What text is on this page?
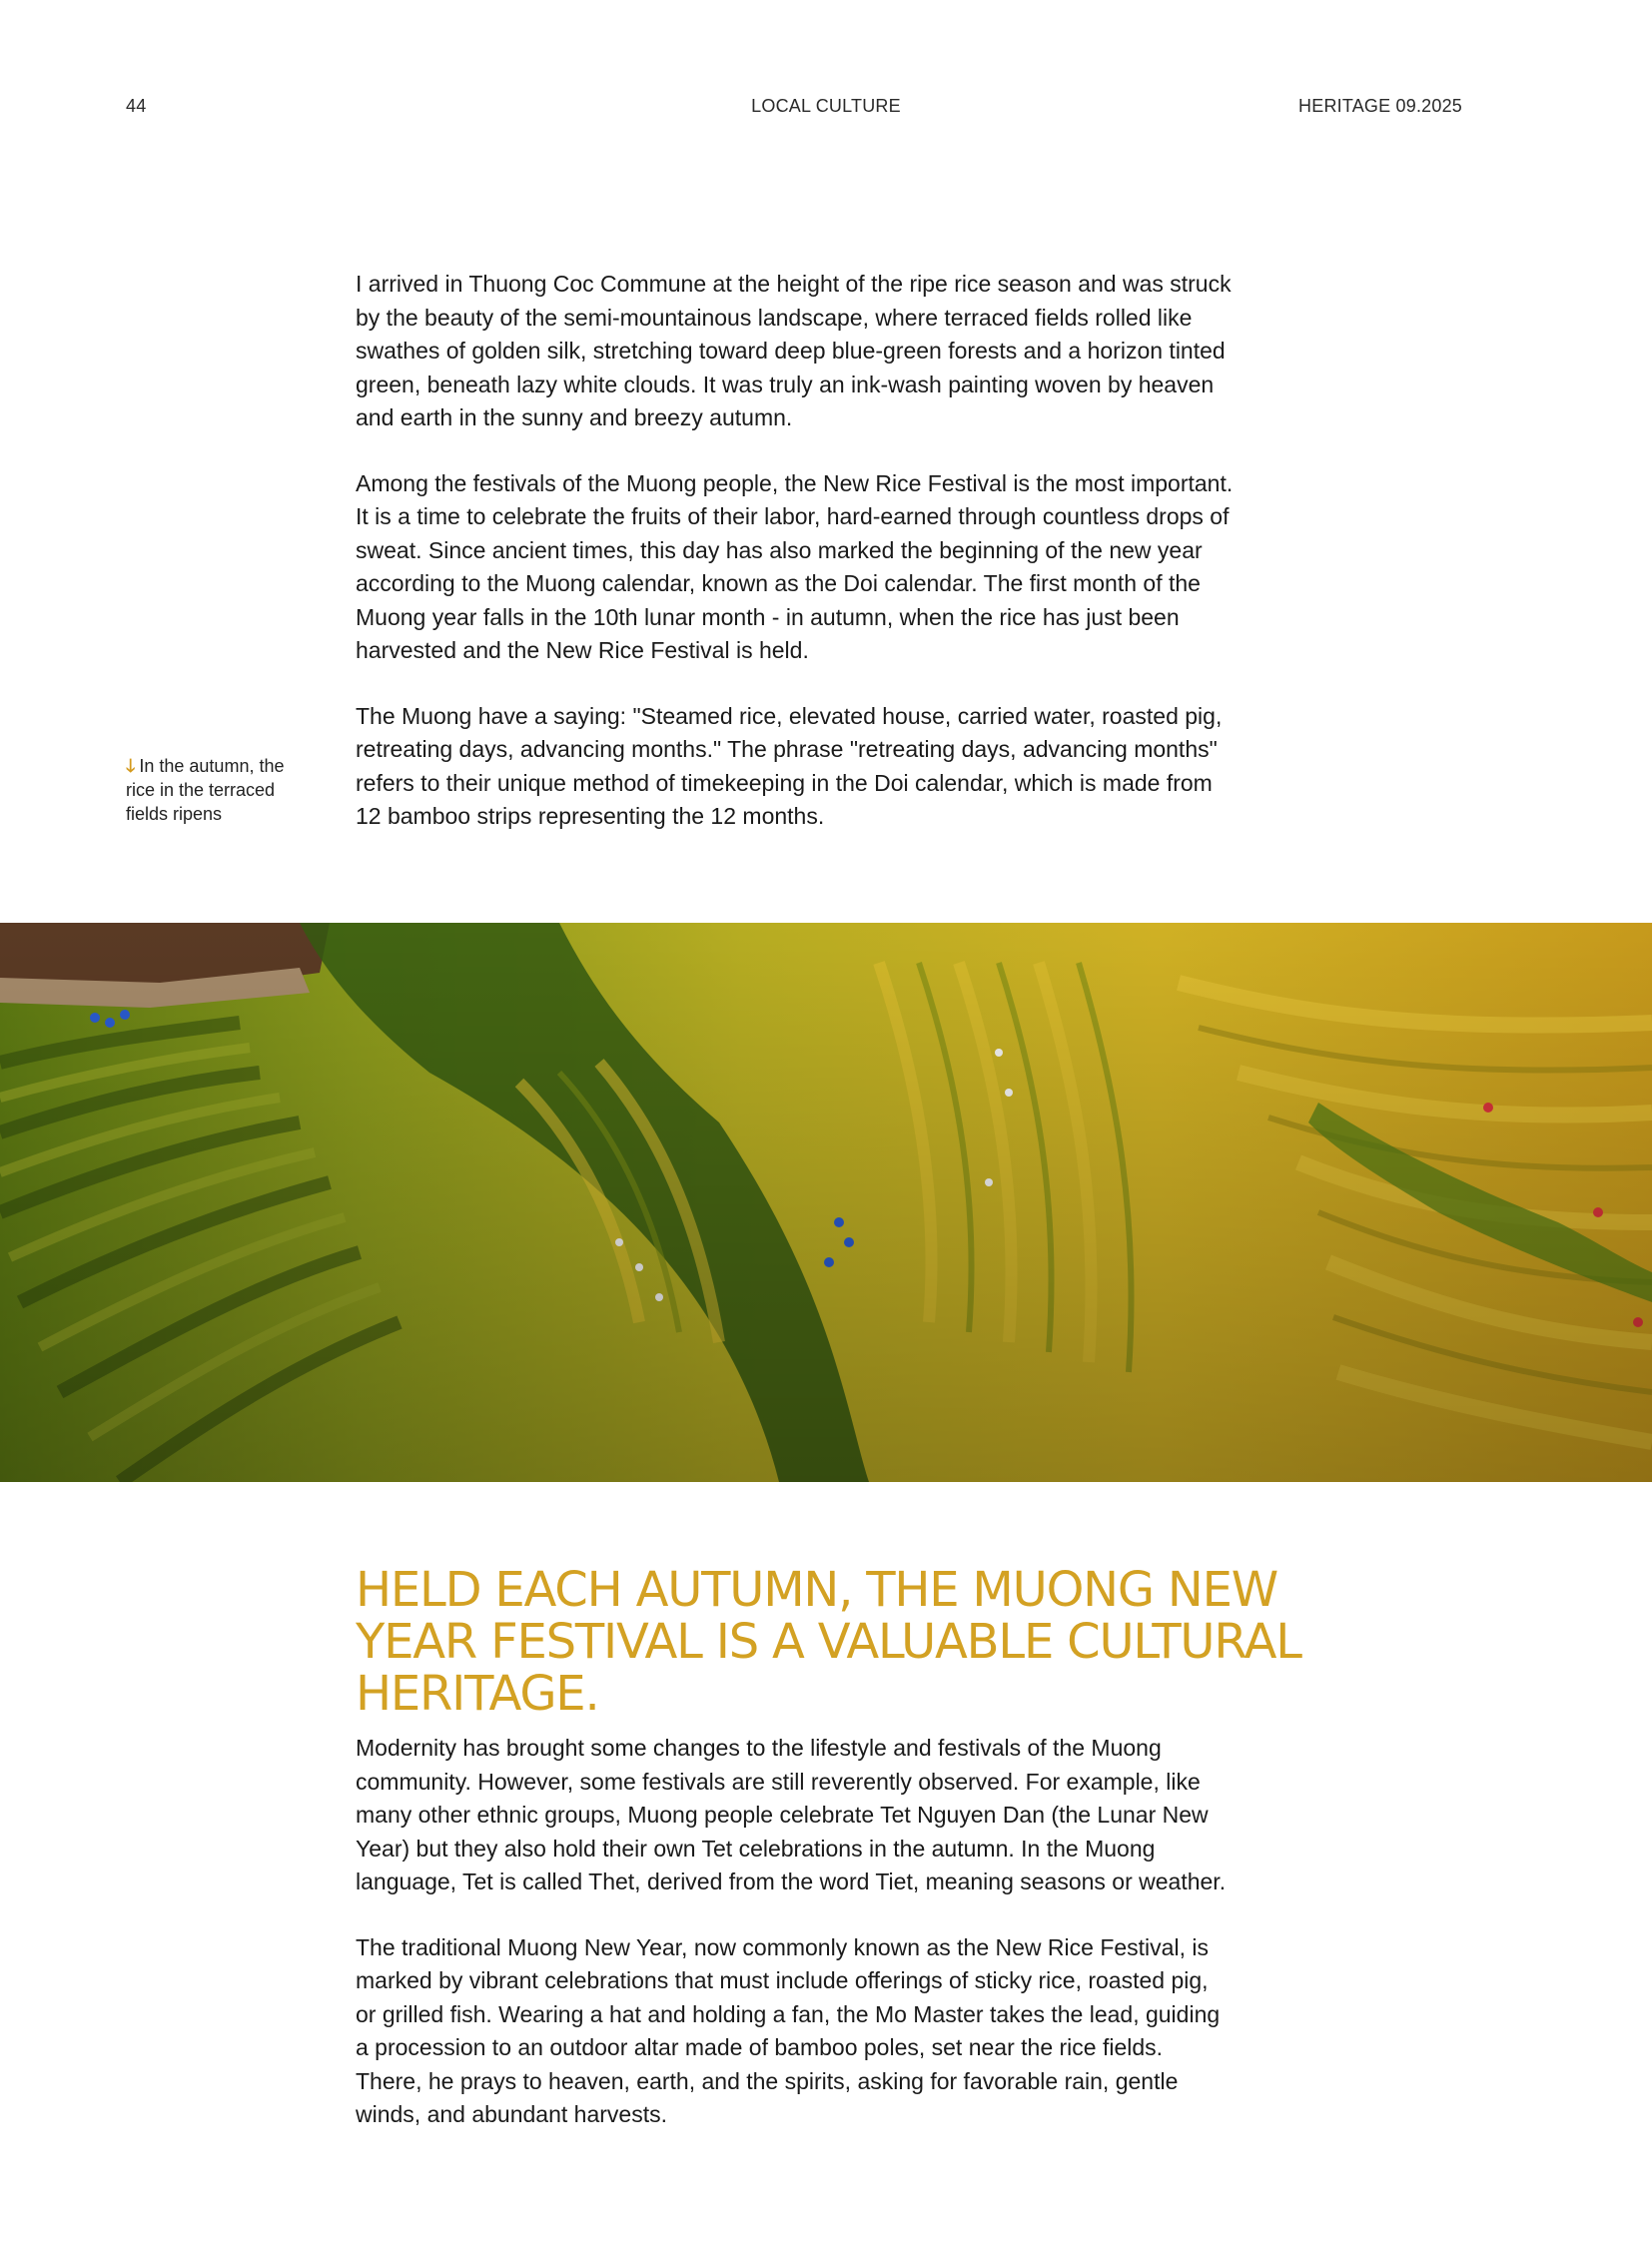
44	LOCAL CULTURE	HERITAGE 09.2025

I arrived in Thuong Coc Commune at the height of the ripe rice season and was struck by the beauty of the semi-mountainous landscape, where terraced fields rolled like swathes of golden silk, stretching toward deep blue-green forests and a horizon tinted green, beneath lazy white clouds. It was truly an ink-wash painting woven by heaven and earth in the sunny and breezy autumn.

Among the festivals of the Muong people, the New Rice Festival is the most important. It is a time to celebrate the fruits of their labor, hard-earned through countless drops of sweat. Since ancient times, this day has also marked the beginning of the new year according to the Muong calendar, known as the Doi calendar. The first month of the Muong year falls in the 10th lunar month - in autumn, when the rice has just been harvested and the New Rice Festival is held.

The Muong have a saying: "Steamed rice, elevated house, carried water, roasted pig, retreating days, advancing months." The phrase "retreating days, advancing months" refers to their unique method of timekeeping in the Doi calendar, which is made from 12 bamboo strips representing the 12 months.

🡓 In the autumn, the rice in the terraced fields ripens
HELD EACH AUTUMN, THE MUONG NEW YEAR FESTIVAL IS A VALUABLE CULTURAL HERITAGE.

Modernity has brought some changes to the lifestyle and festivals of the Muong community. However, some festivals are still reverently observed. For example, like many other ethnic groups, Muong people celebrate Tet Nguyen Dan (the Lunar New Year) but they also hold their own Tet celebrations in the autumn. In the Muong language, Tet is called Thet, derived from the word Tiet, meaning seasons or weather.

The traditional Muong New Year, now commonly known as the New Rice Festival, is marked by vibrant celebrations that must include offerings of sticky rice, roasted pig, or grilled fish. Wearing a hat and holding a fan, the Mo Master takes the lead, guiding a procession to an outdoor altar made of bamboo poles, set near the rice fields. There, he prays to heaven, earth, and the spirits, asking for favorable rain, gentle winds, and abundant harvests.
